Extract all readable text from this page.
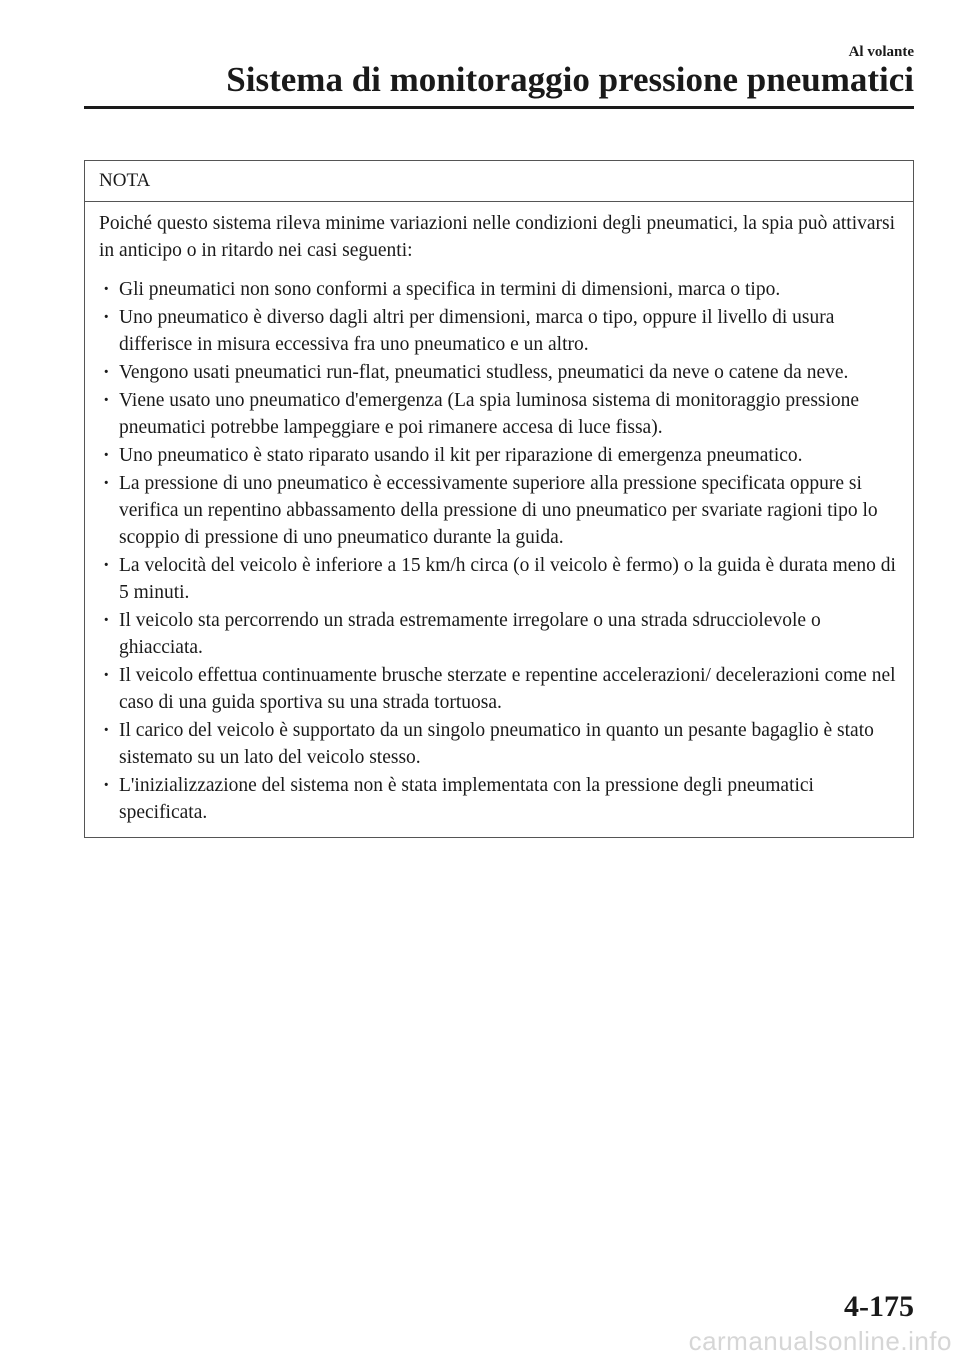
Al volante
Sistema di monitoraggio pressione pneumatici
NOTA

Poiché questo sistema rileva minime variazioni nelle condizioni degli pneumatici, la spia può attivarsi in anticipo o in ritardo nei casi seguenti:

· Gli pneumatici non sono conformi a specifica in termini di dimensioni, marca o tipo.
· Uno pneumatico è diverso dagli altri per dimensioni, marca o tipo, oppure il livello di usura differisce in misura eccessiva fra uno pneumatico e un altro.
· Vengono usati pneumatici run-flat, pneumatici studless, pneumatici da neve o catene da neve.
· Viene usato uno pneumatico d'emergenza (La spia luminosa sistema di monitoraggio pressione pneumatici potrebbe lampeggiare e poi rimanere accesa di luce fissa).
· Uno pneumatico è stato riparato usando il kit per riparazione di emergenza pneumatico.
· La pressione di uno pneumatico è eccessivamente superiore alla pressione specificata oppure si verifica un repentino abbassamento della pressione di uno pneumatico per svariate ragioni tipo lo scoppio di pressione di uno pneumatico durante la guida.
· La velocità del veicolo è inferiore a 15 km/h circa (o il veicolo è fermo) o la guida è durata meno di 5 minuti.
· Il veicolo sta percorrendo un strada estremamente irregolare o una strada sdrucciolevole o ghiacciata.
· Il veicolo effettua continuamente brusche sterzate e repentine accelerazioni/ decelerazioni come nel caso di una guida sportiva su una strada tortuosa.
· Il carico del veicolo è supportato da un singolo pneumatico in quanto un pesante bagaglio è stato sistemato su un lato del veicolo stesso.
· L'inizializzazione del sistema non è stata implementata con la pressione degli pneumatici specificata.
4-175
carmanualsonline.info
